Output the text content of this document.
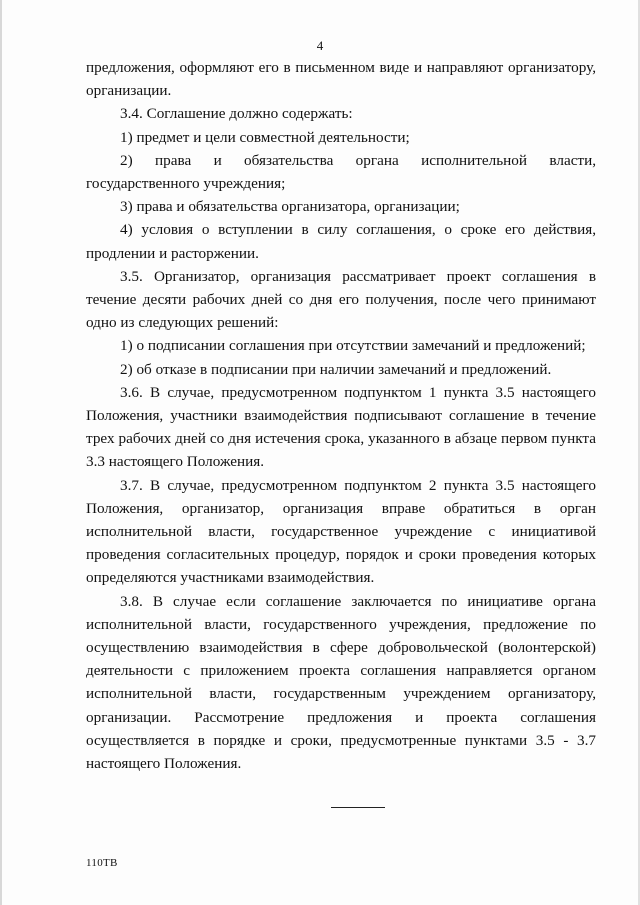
4

предложения, оформляют его в письменном виде и направляют организатору, организации.

3.4. Соглашение должно содержать:

1) предмет и цели совместной деятельности;

2) права и обязательства органа исполнительной власти, государственного учреждения;

3) права и обязательства организатора, организации;

4) условия о вступлении в силу соглашения, о сроке его действия, продлении и расторжении.

3.5. Организатор, организация рассматривает проект соглашения в течение десяти рабочих дней со дня его получения, после чего принимают одно из следующих решений:

1) о подписании соглашения при отсутствии замечаний и предложений;

2) об отказе в подписании при наличии замечаний и предложений.

3.6. В случае, предусмотренном подпунктом 1 пункта 3.5 настоящего Положения, участники взаимодействия подписывают соглашение в течение трех рабочих дней со дня истечения срока, указанного в абзаце первом пункта 3.3 настоящего Положения.

3.7. В случае, предусмотренном подпунктом 2 пункта 3.5 настоящего Положения, организатор, организация вправе обратиться в орган исполнительной власти, государственное учреждение с инициативой проведения согласительных процедур, порядок и сроки проведения которых определяются участниками взаимодействия.

3.8. В случае если соглашение заключается по инициативе органа исполнительной власти, государственного учреждения, предложение по осуществлению взаимодействия в сфере добровольческой (волонтерской) деятельности с приложением проекта соглашения направляется органом исполнительной власти, государственным учреждением организатору, организации. Рассмотрение предложения и проекта соглашения осуществляется в порядке и сроки, предусмотренные пунктами 3.5 - 3.7 настоящего Положения.

110ТВ
